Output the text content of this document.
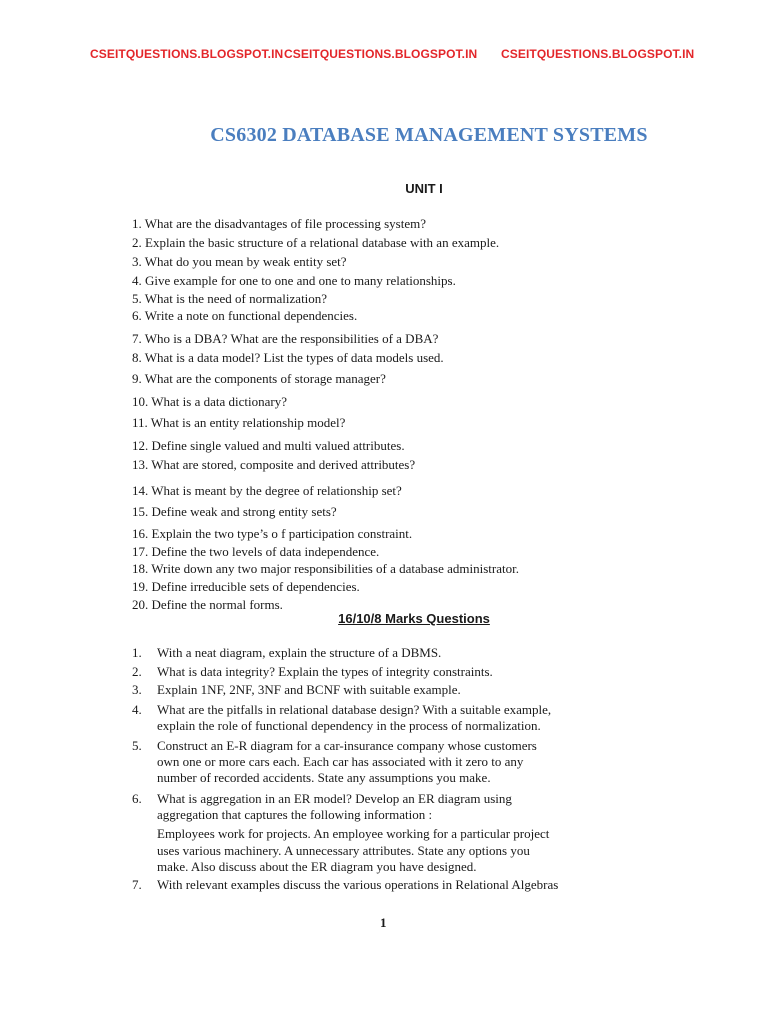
CSEITQUESTIONS.BLOGSPOT.IN CSEITQUESTIONS.BLOGSPOT.IN CSEITQUESTIONS.BLOGSPOT.IN
CS6302 DATABASE MANAGEMENT SYSTEMS
UNIT I
1. What are the disadvantages of file processing system?
2. Explain the basic structure of a relational database with an example.
3. What do you mean by weak entity set?
4. Give example for one to one and one to many relationships.
5. What is the need of normalization?
6. Write a note on functional dependencies.
7. Who is a DBA? What are the responsibilities of a DBA?
8. What is a data model? List the types of data models used.
9. What are the components of storage manager?
10. What is a data dictionary?
11. What is an entity relationship model?
12. Define single valued and multi valued attributes.
13. What are stored, composite and derived attributes?
14. What is meant by the degree of relationship set?
15. Define weak and strong entity sets?
16. Explain the two type’s o f participation constraint.
17. Define the two levels of data independence.
18. Write down any two major responsibilities of a database administrator.
19. Define irreducible sets of dependencies.
20. Define the normal forms.
16/10/8 Marks Questions
1. With a neat diagram, explain the structure of a DBMS.
2. What is data integrity? Explain the types of integrity constraints.
3. Explain 1NF, 2NF, 3NF and BCNF with suitable example.
4. What are the pitfalls in relational database design? With a suitable example,
explain the role of functional dependency in the process of normalization.
5. Construct an E-R diagram for a car-insurance company whose customers
own one or more cars each. Each car has associated with it zero to any
number of recorded accidents. State any assumptions you make.
6. What is aggregation in an ER model? Develop an ER diagram using
aggregation that captures the following information :
Employees work for projects. An employee working for a particular project
uses various machinery. A unnecessary attributes. State any options you
make. Also discuss about the ER diagram you have designed.
7. With relevant examples discuss the various operations in Relational Algebras
1
